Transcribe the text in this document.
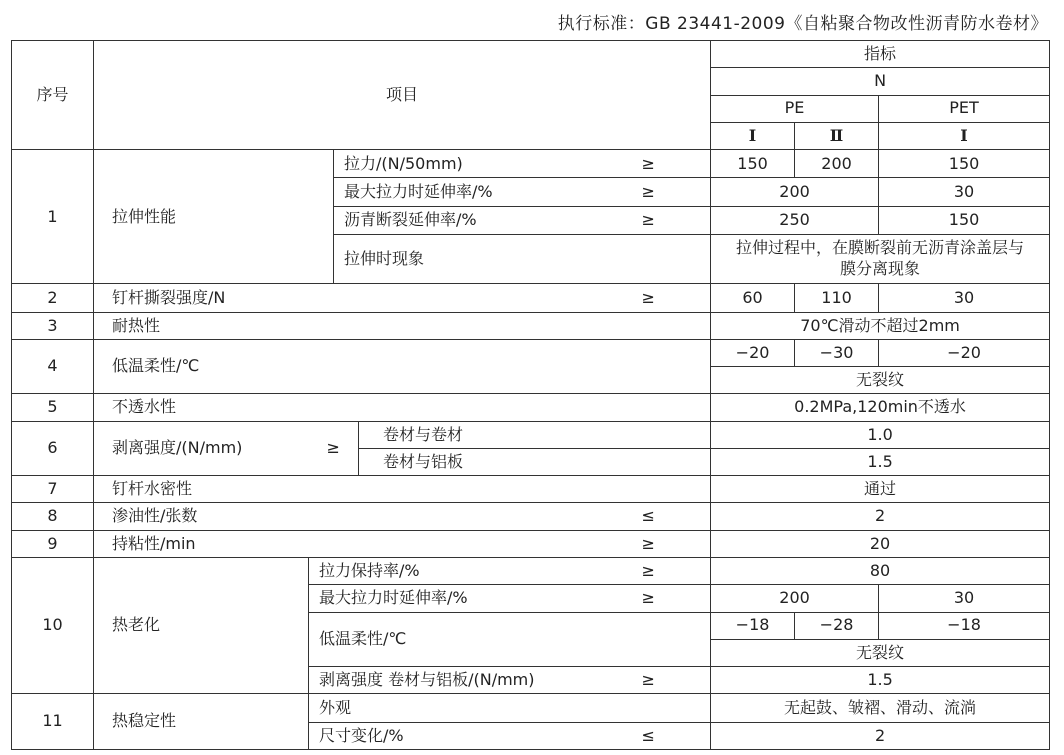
执行标准：GB 23441-2009《自粘聚合物改性沥青防水卷材》
序号	项目					指标		
						N		
						PE		PET
						Ⅰ	Ⅱ	Ⅰ
1	拉伸性能		拉力/(N/50mm)		≥	150	200	150
			最大拉力时延伸率/%		≥	200		30
			沥青断裂延伸率/%		≥	250		150
			拉伸时现象			拉伸过程中，在膜断裂前无沥青涂盖层与膜分离现象		
2	钉杆撕裂强度/N				≥	60	110	30
3	耐热性					70℃滑动不超过2mm		
4	低温柔性/℃					−20	−30	−20
						无裂纹		
5	不透水性					0.2MPa,120min不透水		
6	剥离强度/(N/mm)	≥		卷材与卷材		1.0		
				卷材与铝板		1.5		
7	钉杆水密性					通过		
8	渗油性/张数				≤	2		
9	持粘性/min				≥	20		
10	热老化	拉力保持率/%			≥	80		
		最大拉力时延伸率/%			≥	200		30
		低温柔性/℃				−18	−28	−18
						无裂纹		
		剥离强度 卷材与铝板/(N/mm)			≥	1.5		
11	热稳定性	外观				无起鼓、皱褶、滑动、流淌		
		尺寸变化/%			≤	2		
